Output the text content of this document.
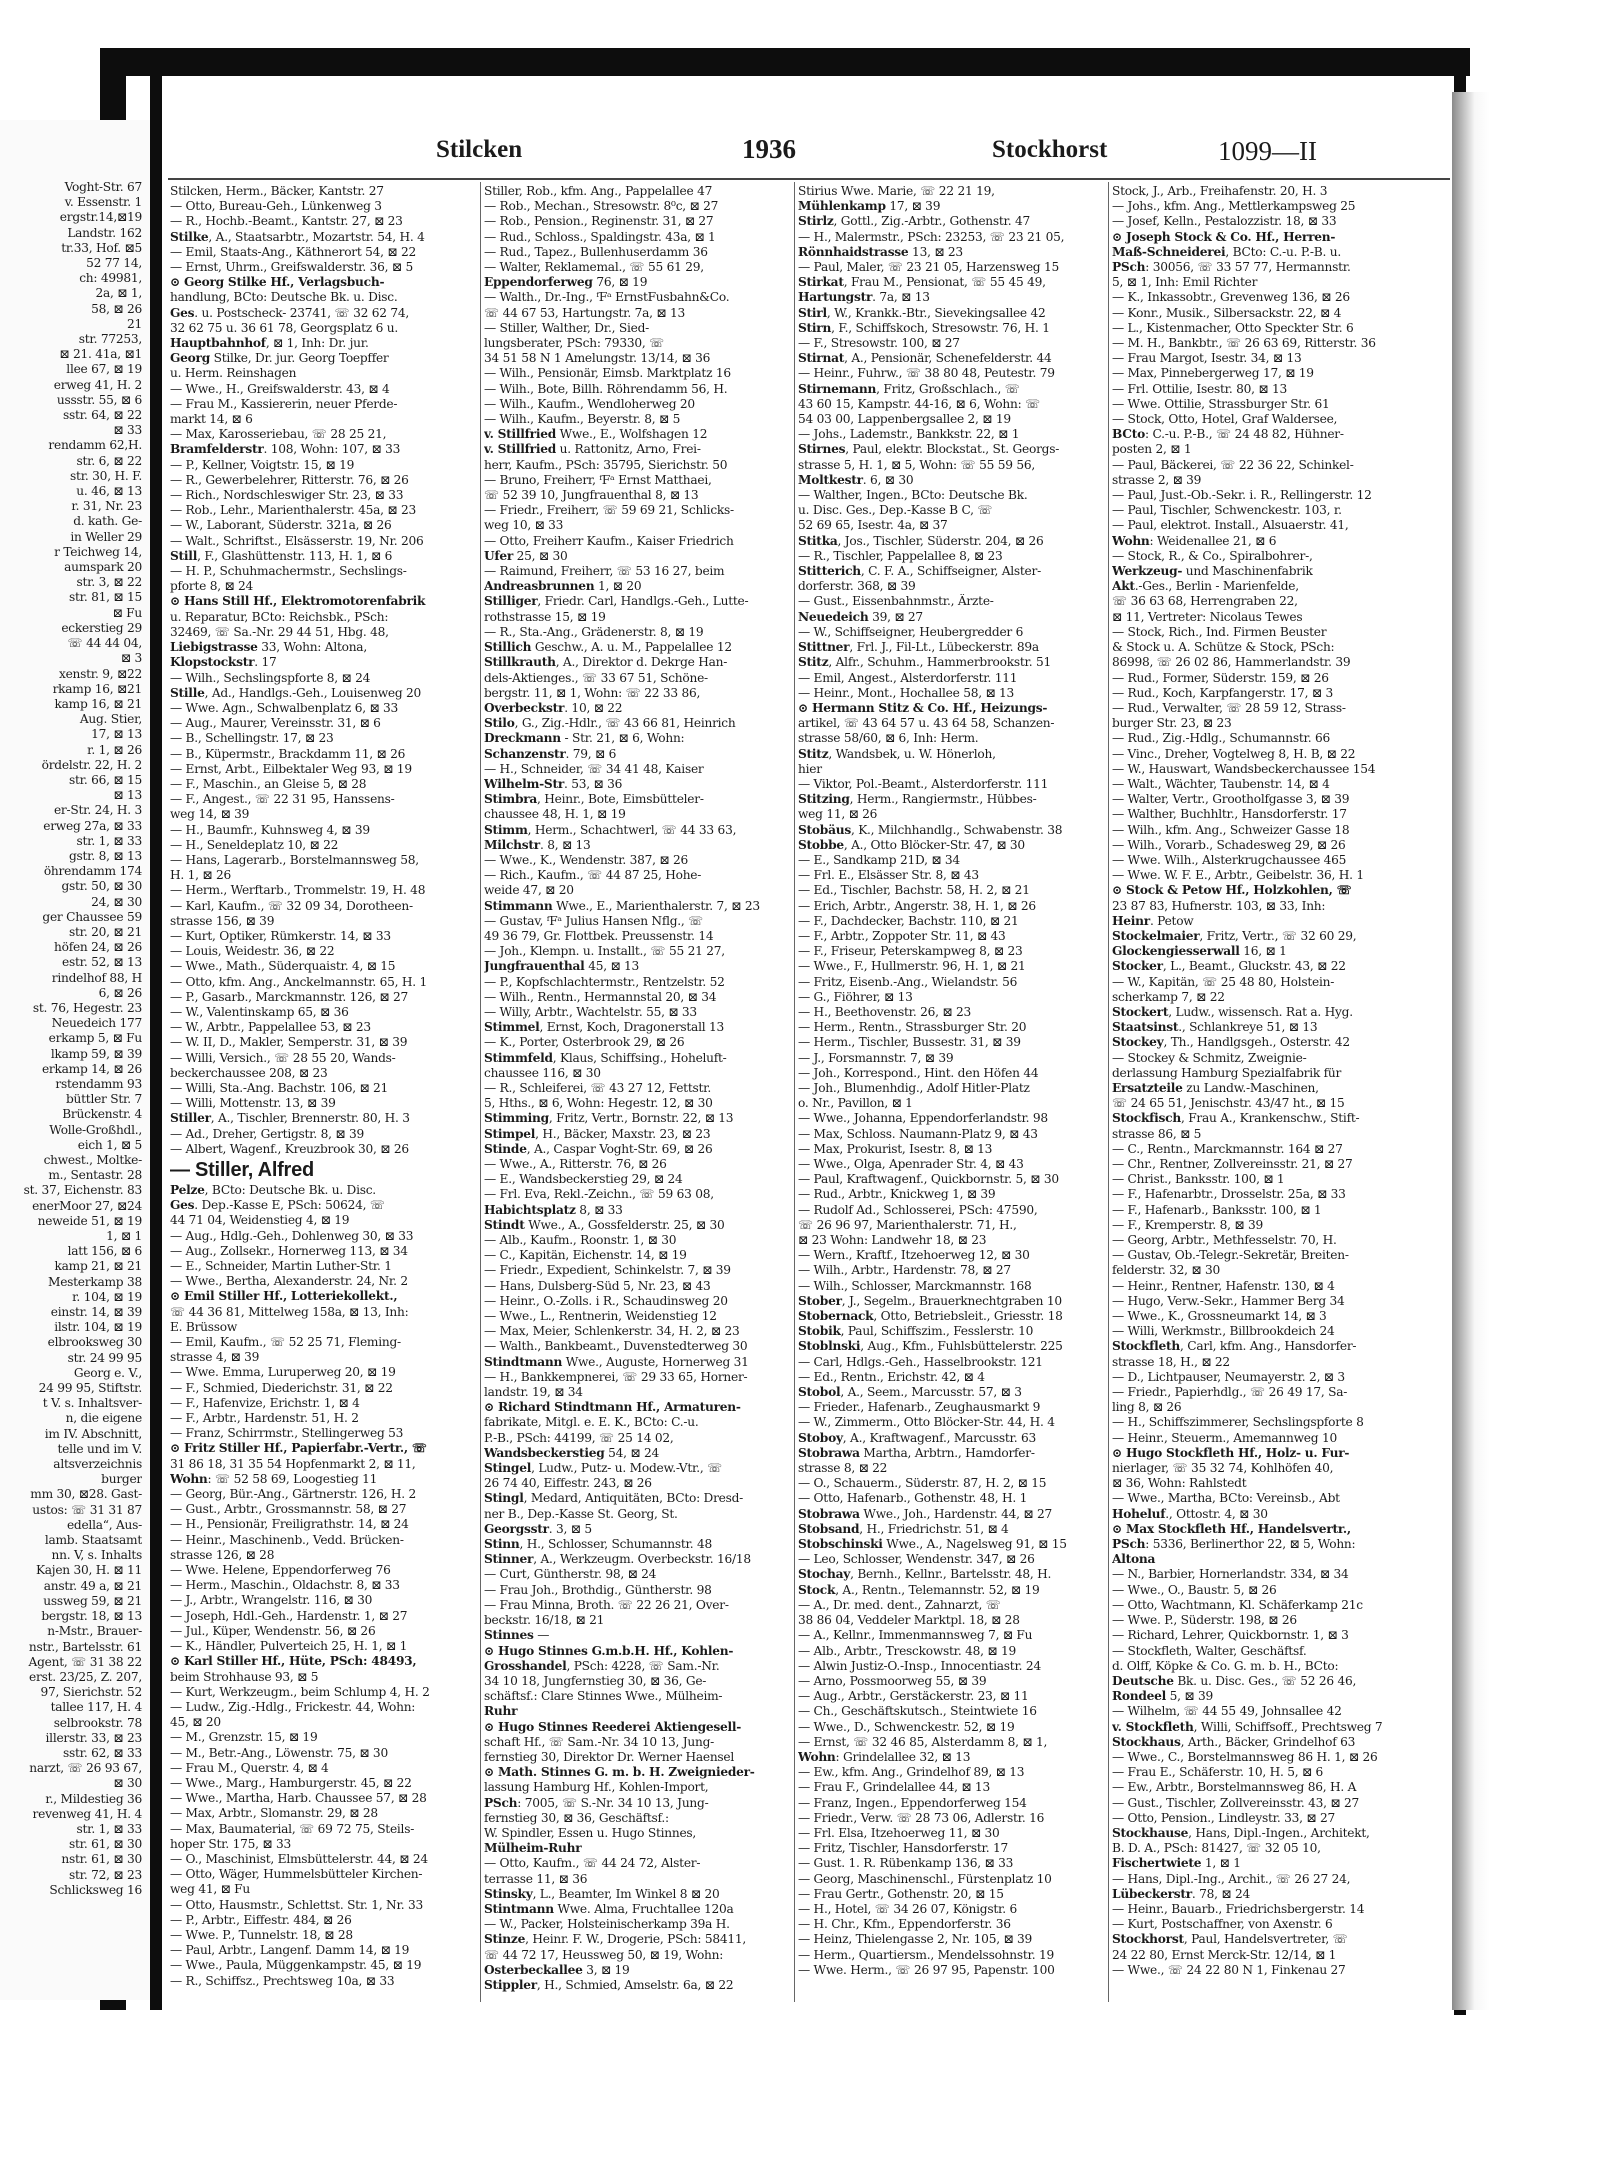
Voght-Str. 67
v. Essenstr. 1
ergstr.14,⊠19
Landstr. 162
tr.33, Hof. ⊠5
52 77 14,
ch: 49981,
2a, ⊠ 1,
58, ⊠ 26
21
str. 77253,
⊠ 21. 41a, ⊠1
llee 67, ⊠ 19
erweg 41, H. 2
ussstr. 55, ⊠ 6
sstr. 64, ⊠ 22
⊠ 33
rendamm 62,H.
str. 6, ⊠ 22
str. 30, H. F.
u. 46, ⊠ 13
r. 31, Nr. 23
d. kath. Ge-
in Weller 29
r Teichweg 14,
aumspark 20
str. 3, ⊠ 22
str. 81, ⊠ 15
⊠ Fu
eckerstieg 29
☏ 44 44 04,
⊠ 3
xenstr. 9, ⊠22
rkamp 16, ⊠21
kamp 16, ⊠ 21
Aug. Stier,
17, ⊠ 13
r. 1, ⊠ 26
ördelstr. 22, H. 2
str. 66, ⊠ 15
⊠ 13
er-Str. 24, H. 3
erweg 27a, ⊠ 33
str. 1, ⊠ 33
gstr. 8, ⊠ 13
öhrendamm 174
gstr. 50, ⊠ 30
24, ⊠ 30
ger Chaussee 59
str. 20, ⊠ 21
höfen 24, ⊠ 26
estr. 52, ⊠ 13
rindelhof 88, H
6, ⊠ 26
st. 76, Hegestr. 23
Neuedeich 177
erkamp 5, ⊠ Fu
lkamp 59, ⊠ 39
erkamp 14, ⊠ 26
rstendamm 93
büttler Str. 7
Brückenstr. 4
Wolle-Großhdl.,
eich 1, ⊠ 5
chwest., Moltke-
m., Sentastr. 28
st. 37, Eichenstr. 83
enerMoor 27, ⊠24
neweide 51, ⊠ 19
1, ⊠ 1
latt 156, ⊠ 6
kamp 21, ⊠ 21
Mesterkamp 38
r. 104, ⊠ 19
einstr. 14, ⊠ 39
ilstr. 104, ⊠ 19
elbrooksweg 30
str. 24 99 95
Georg e. V.,
24 99 95, Stiftstr.
t V. s. Inhaltsver-
n, die eigene
im IV. Abschnitt,
telle und im V.
altsverzeichnis
burger
mm 30, ⊠28. Gast-
ustos: ☏ 31 31 87
edella“, Aus-
lamb. Staatsamt
nn. V, s. Inhalts
Kajen 30, H. ⊠ 11
anstr. 49 a, ⊠ 21
ussweg 59, ⊠ 21
bergstr. 18, ⊠ 13
n-Mstr., Brauer-
nstr., Bartelsstr. 61
Agent, ☏ 31 38 22
erst. 23/25, Z. 207,
97, Sierichstr. 52
tallee 117, H. 4
selbrookstr. 78
illerstr. 33, ⊠ 23
sstr. 62, ⊠ 33
narzt, ☏ 26 93 67,
⊠ 30
r., Mildestieg 36
revenweg 41, H. 4
str. 1, ⊠ 33
str. 61, ⊠ 30
nstr. 61, ⊠ 30
str. 72, ⊠ 23
Schlicksweg 16
Stilcken	1936	Stockhorst	1099—II
Stilcken, Herm., Bäcker, Kantstr. 27
— Otto, Bureau-Geh., Lünkenweg 3
— R., Hochb.-Beamt., Kantstr. 27, ⊠ 23
Stilke, A., Staatsarbtr., Mozartstr. 54, H. 4
— Emil, Staats-Ang., Käthnerort 54, ⊠ 22
— Ernst, Uhrm., Greifswalderstr. 36, ⊠ 5
⊙ Georg Stilke Hf., Verlagsbuch-
handlung, BCto: Deutsche Bk. u. Disc.
Ges. u. Postscheck- 23741, ☏ 32 62 74,
32 62 75 u. 36 61 78, Georgsplatz 6 u.
Hauptbahnhof, ⊠ 1, Inh: Dr. jur.
Georg Stilke, Dr. jur. Georg Toepffer
u. Herm. Reinshagen
— Wwe., H., Greifswalderstr. 43, ⊠ 4
— Frau M., Kassiererin, neuer Pferde-
markt 14, ⊠ 6
— Max, Karosseriebau, ☏ 28 25 21,
Bramfelderstr. 108, Wohn: 107, ⊠ 33
— P., Kellner, Voigtstr. 15, ⊠ 19
— R., Gewerbelehrer, Ritterstr. 76, ⊠ 26
— Rich., Nordschleswiger Str. 23, ⊠ 33
— Rob., Lehr., Marienthalerstr. 45a, ⊠ 23
— W., Laborant, Süderstr. 321a, ⊠ 26
— Walt., Schriftst., Elsässerstr. 19, Nr. 206
Still, F., Glashüttenstr. 113, H. 1, ⊠ 6
— H. P., Schuhmachermstr., Sechslings-
pforte 8, ⊠ 24
⊙ Hans Still Hf., Elektromotorenfabrik
u. Reparatur, BCto: Reichsbk., PSch:
32469, ☏ Sa.-Nr. 29 44 51, Hbg. 48,
Liebigstrasse 33, Wohn: Altona,
Klopstockstr. 17
— Wilh., Sechslingspforte 8, ⊠ 24
Stille, Ad., Handlgs.-Geh., Louisenweg 20
— Wwe. Agn., Schwalbenplatz 6, ⊠ 33
— Aug., Maurer, Vereinsstr. 31, ⊠ 6
— B., Schellingstr. 17, ⊠ 23
— B., Küpermstr., Brackdamm 11, ⊠ 26
— Ernst, Arbt., Eilbektaler Weg 93, ⊠ 19
— F., Maschin., an Gleise 5, ⊠ 28
— F., Angest., ☏ 22 31 95, Hanssens-
weg 14, ⊠ 39
— H., Baumfr., Kuhnsweg 4, ⊠ 39
— H., Seneldeplatz 10, ⊠ 22
— Hans, Lagerarb., Borstelmannsweg 58,
H. 1, ⊠ 26
— Herm., Werftarb., Trommelstr. 19, H. 48
— Karl, Kaufm., ☏ 32 09 34, Dorotheen-
strasse 156, ⊠ 39
— Kurt, Optiker, Rümkerstr. 14, ⊠ 33
— Louis, Weidestr. 36, ⊠ 22
— Wwe., Math., Süderquaistr. 4, ⊠ 15
— Otto, kfm. Ang., Anckelmannstr. 65, H. 1
— P., Gasarb., Marckmannstr. 126, ⊠ 27
— W., Valentinskamp 65, ⊠ 36
— W., Arbtr., Pappelallee 53, ⊠ 23
— W. II, D., Makler, Semperstr. 31, ⊠ 39
— Willi, Versich., ☏ 28 55 20, Wands-
beckerchaussee 208, ⊠ 23
— Willi, Sta.-Ang. Bachstr. 106, ⊠ 21
— Willi, Mottenstr. 13, ⊠ 39
Stiller, A., Tischler, Brennerstr. 80, H. 3
— Ad., Dreher, Gertigstr. 8, ⊠ 39
— Albert, Wagenf., Kreuzbrook 30, ⊠ 26
— Stiller, Alfred
Pelze, BCto: Deutsche Bk. u. Disc.
Ges. Dep.-Kasse E, PSch: 50624, ☏
44 71 04, Weidenstieg 4, ⊠ 19
— Aug., Hdlg.-Geh., Dohlenweg 30, ⊠ 33
— Aug., Zollsekr., Hornerweg 113, ⊠ 34
— E., Schneider, Martin Luther-Str. 1
— Wwe., Bertha, Alexanderstr. 24, Nr. 2
⊙ Emil Stiller Hf., Lotteriekollekt.,
☏ 44 36 81, Mittelweg 158a, ⊠ 13, Inh:
E. Brüssow
— Emil, Kaufm., ☏ 52 25 71, Fleming-
strasse 4, ⊠ 39
— Wwe. Emma, Luruperweg 20, ⊠ 19
— F., Schmied, Diederichstr. 31, ⊠ 22
— F., Hafenvize, Erichstr. 1, ⊠ 4
— F., Arbtr., Hardenstr. 51, H. 2
— Franz, Schirrmstr., Stellingerweg 53
⊙ Fritz Stiller Hf., Papierfabr.-Vertr., ☏
31 86 18, 31 35 54 Hopfenmarkt 2, ⊠ 11,
Wohn: ☏ 52 58 69, Loogestieg 11
— Georg, Bür.-Ang., Gärtnerstr. 126, H. 2
— Gust., Arbtr., Grossmannstr. 58, ⊠ 27
— H., Pensionär, Freiligrathstr. 14, ⊠ 24
— Heinr., Maschinenb., Vedd. Brücken-
strasse 126, ⊠ 28
— Wwe. Helene, Eppendorferweg 76
— Herm., Maschin., Oldachstr. 8, ⊠ 33
— J., Arbtr., Wrangelstr. 116, ⊠ 30
— Joseph, Hdl.-Geh., Hardenstr. 1, ⊠ 27
— Jul., Küper, Wendenstr. 56, ⊠ 26
— K., Händler, Pulverteich 25, H. 1, ⊠ 1
⊙ Karl Stiller Hf., Hüte, PSch: 48493,
beim Strohhause 93, ⊠ 5
— Kurt, Werkzeugm., beim Schlump 4, H. 2
— Ludw., Zig.-Hdlg., Frickestr. 44, Wohn:
45, ⊠ 20
— M., Grenzstr. 15, ⊠ 19
— M., Betr.-Ang., Löwenstr. 75, ⊠ 30
— Frau M., Querstr. 4, ⊠ 4
— Wwe., Marg., Hamburgerstr. 45, ⊠ 22
— Wwe., Martha, Harb. Chaussee 57, ⊠ 28
— Max, Arbtr., Slomanstr. 29, ⊠ 28
— Max, Baumaterial, ☏ 69 72 75, Steils-
hoper Str. 175, ⊠ 33
— O., Maschinist, Elmsbüttelerstr. 44, ⊠ 24
— Otto, Wäger, Hummelsbütteler Kirchen-
weg 41, ⊠ Fu
— Otto, Hausmstr., Schlettst. Str. 1, Nr. 33
— P., Arbtr., Eiffestr. 484, ⊠ 26
— Wwe. P., Tunnelstr. 18, ⊠ 28
— Paul, Arbtr., Langenf. Damm 14, ⊠ 19
— Wwe., Paula, Müggenkampstr. 45, ⊠ 19
— R., Schiffsz., Prechtsweg 10a, ⊠ 33
Stiller, Rob., kfm. Ang., Pappelallee 47
— Rob., Mechan., Stresowstr. 8⁰c, ⊠ 27
— Rob., Pension., Reginenstr. 31, ⊠ 27
— Rud., Schloss., Spaldingstr. 43a, ⊠ 1
— Rud., Tapez., Bullenhuserdamm 36
— Walter, Reklamemal., ☏ 55 61 29,
Eppendorferweg 76, ⊠ 19
— Walth., Dr.-Ing., ᶠFᵃ ErnstFusbahn&Co.
☏ 44 67 53, Hartungstr. 7a, ⊠ 13
— Stiller, Walther, Dr., Sied-
lungsberater, PSch: 79330, ☏
34 51 58 N 1 Amelungstr. 13/14, ⊠ 36
— Wilh., Pensionär, Eimsb. Marktplatz 16
— Wilh., Bote, Billh. Röhrendamm 56, H.
— Wilh., Kaufm., Wendloherweg 20
— Wilh., Kaufm., Beyerstr. 8, ⊠ 5
v. Stillfried Wwe., E., Wolfshagen 12
v. Stillfried u. Rattonitz, Arno, Frei-
herr, Kaufm., PSch: 35795, Sierichstr. 50
— Bruno, Freiherr, ᶠFᵃ Ernst Matthaei,
☏ 52 39 10, Jungfrauenthal 8, ⊠ 13
— Friedr., Freiherr, ☏ 59 69 21, Schlicks-
weg 10, ⊠ 33
— Otto, Freiherr Kaufm., Kaiser Friedrich
Ufer 25, ⊠ 30
— Raimund, Freiherr, ☏ 53 16 27, beim
Andreasbrunnen 1, ⊠ 20
Stilliger, Friedr. Carl, Handlgs.-Geh., Lutte-
rothstrasse 15, ⊠ 19
— R., Sta.-Ang., Grädenerstr. 8, ⊠ 19
Stillich Geschw., A. u. M., Pappelallee 12
Stillkrauth, A., Direktor d. Dekrge Han-
dels-Aktienges., ☏ 33 67 51, Schöne-
bergstr. 11, ⊠ 1, Wohn: ☏ 22 33 86,
Overbeckstr. 10, ⊠ 22
Stilo, G., Zig.-Hdlr., ☏ 43 66 81, Heinrich
Dreckmann - Str. 21, ⊠ 6, Wohn:
Schanzenstr. 79, ⊠ 6
— H., Schneider, ☏ 34 41 48, Kaiser
Wilhelm-Str. 53, ⊠ 36
Stimbra, Heinr., Bote, Eimsbütteler-
chaussee 48, H. 1, ⊠ 19
Stimm, Herm., Schachtwerl, ☏ 44 33 63,
Milchstr. 8, ⊠ 13
— Wwe., K., Wendenstr. 387, ⊠ 26
— Rich., Kaufm., ☏ 44 87 25, Hohe-
weide 47, ⊠ 20
Stimmann Wwe., E., Marienthalerstr. 7, ⊠ 23
— Gustav, ᶠFᵃ Julius Hansen Nflg., ☏
49 36 79, Gr. Flottbek. Preussenstr. 14
— Joh., Klempn. u. Installt., ☏ 55 21 27,
Jungfrauenthal 45, ⊠ 13
— P., Kopfschlachtermstr., Rentzelstr. 52
— Wilh., Rentn., Hermannstal 20, ⊠ 34
— Willy, Arbtr., Wachtelstr. 55, ⊠ 33
Stimmel, Ernst, Koch, Dragonerstall 13
— K., Porter, Osterbrook 29, ⊠ 26
Stimmfeld, Klaus, Schiffsing., Hoheluft-
chaussee 116, ⊠ 30
— R., Schleiferei, ☏ 43 27 12, Fettstr.
5, Hths., ⊠ 6, Wohn: Hegestr. 12, ⊠ 30
Stimming, Fritz, Vertr., Bornstr. 22, ⊠ 13
Stimpel, H., Bäcker, Maxstr. 23, ⊠ 23
Stinde, A., Caspar Voght-Str. 69, ⊠ 26
— Wwe., A., Ritterstr. 76, ⊠ 26
— E., Wandsbeckerstieg 29, ⊠ 24
— Frl. Eva, Rekl.-Zeichn., ☏ 59 63 08,
Habichtsplatz 8, ⊠ 33
Stindt Wwe., A., Gossfelderstr. 25, ⊠ 30
— Alb., Kaufm., Roonstr. 1, ⊠ 30
— C., Kapitän, Eichenstr. 14, ⊠ 19
— Friedr., Expedient, Schinkelstr. 7, ⊠ 39
— Hans, Dulsberg-Süd 5, Nr. 23, ⊠ 43
— Heinr., O.-Zolls. i R., Schaudinsweg 20
— Wwe., L., Rentnerin, Weidenstieg 12
— Max, Meier, Schlenkerstr. 34, H. 2, ⊠ 23
— Walth., Bankbeamt., Duvenstedterweg 30
Stindtmann Wwe., Auguste, Hornerweg 31
— H., Bankkempnerei, ☏ 29 33 65, Horner-
landstr. 19, ⊠ 34
⊙ Richard Stindtmann Hf., Armaturen-
fabrikate, Mitgl. e. E. K., BCto: C.-u.
P.-B., PSch: 44199, ☏ 25 14 02,
Wandsbeckerstieg 54, ⊠ 24
Stingel, Ludw., Putz- u. Modew.-Vtr., ☏
26 74 40, Eiffestr. 243, ⊠ 26
Stingl, Medard, Antiquitäten, BCto: Dresd-
ner B., Dep.-Kasse St. Georg, St.
Georgsstr. 3, ⊠ 5
Stinn, H., Schlosser, Schumannstr. 48
Stinner, A., Werkzeugm. Overbeckstr. 16/18
— Curt, Güntherstr. 98, ⊠ 24
— Frau Joh., Brothdig., Güntherstr. 98
— Frau Minna, Broth. ☏ 22 26 21, Over-
beckstr. 16/18, ⊠ 21
Stinnes —
⊙ Hugo Stinnes G.m.b.H. Hf., Kohlen-
Grosshandel, PSch: 4228, ☏ Sam.-Nr.
34 10 18, Jungfernstieg 30, ⊠ 36, Ge-
schäftsf.: Clare Stinnes Wwe., Mülheim-
Ruhr
⊙ Hugo Stinnes Reederei Aktiengesell-
schaft Hf., ☏ Sam.-Nr. 34 10 13, Jung-
fernstieg 30, Direktor Dr. Werner Haensel
⊙ Math. Stinnes G. m. b. H. Zweignieder-
lassung Hamburg Hf., Kohlen-Import,
PSch: 7005, ☏ S.-Nr. 34 10 13, Jung-
fernstieg 30, ⊠ 36, Geschäftsf.:
W. Spindler, Essen u. Hugo Stinnes,
Mülheim-Ruhr
— Otto, Kaufm., ☏ 44 24 72, Alster-
terrasse 11, ⊠ 36
Stinsky, L., Beamter, Im Winkel 8 ⊠ 20
Stintmann Wwe. Alma, Fruchtallee 120a
— W., Packer, Holsteinischerkamp 39a H.
Stinze, Heinr. F. W., Drogerie, PSch: 58411,
☏ 44 72 17, Heussweg 50, ⊠ 19, Wohn:
Osterbeckallee 3, ⊠ 19
Stippler, H., Schmied, Amselstr. 6a, ⊠ 22
Stirius Wwe. Marie, ☏ 22 21 19,
Mühlenkamp 17, ⊠ 39
Stirlz, Gottl., Zig.-Arbtr., Gothenstr. 47
— H., Malermstr., PSch: 23253, ☏ 23 21 05,
Rönnhaidstrasse 13, ⊠ 23
— Paul, Maler, ☏ 23 21 05, Harzensweg 15
Stirkat, Frau M., Pensionat, ☏ 55 45 49,
Hartungstr. 7a, ⊠ 13
Stirl, W., Krankk.-Btr., Sievekingsallee 42
Stirn, F., Schiffskoch, Stresowstr. 76, H. 1
— F., Stresowstr. 100, ⊠ 27
Stirnat, A., Pensionär, Schenefelderstr. 44
— Heinr., Fuhrw., ☏ 38 80 48, Peutestr. 79
Stirnemann, Fritz, Großschlach., ☏
43 60 15, Kampstr. 44-16, ⊠ 6, Wohn: ☏
54 03 00, Lappenbergsallee 2, ⊠ 19
— Johs., Lademstr., Bankkstr. 22, ⊠ 1
Stirnes, Paul, elektr. Blockstat., St. Georgs-
strasse 5, H. 1, ⊠ 5, Wohn: ☏ 55 59 56,
Moltkestr. 6, ⊠ 30
— Walther, Ingen., BCto: Deutsche Bk.
u. Disc. Ges., Dep.-Kasse B C, ☏
52 69 65, Isestr. 4a, ⊠ 37
Stitka, Jos., Tischler, Süderstr. 204, ⊠ 26
— R., Tischler, Pappelallee 8, ⊠ 23
Stitterich, C. F. A., Schiffseigner, Alster-
dorferstr. 368, ⊠ 39
— Gust., Eissenbahnmstr., Ärzte-
Neuedeich 39, ⊠ 27
— W., Schiffseigner, Heubergredder 6
Stittner, Frl. J., Fil-Lt., Lübeckerstr. 89a
Stitz, Alfr., Schuhm., Hammerbrookstr. 51
— Emil, Angest., Alsterdorferstr. 111
— Heinr., Mont., Hochallee 58, ⊠ 13
⊙ Hermann Stitz & Co. Hf., Heizungs-
artikel, ☏ 43 64 57 u. 43 64 58, Schanzen-
strasse 58/60, ⊠ 6, Inh: Herm.
Stitz, Wandsbek, u. W. Hönerloh,
hier
— Viktor, Pol.-Beamt., Alsterdorferstr. 111
Stitzing, Herm., Rangiermstr., Hübbes-
weg 11, ⊠ 26
Stobäus, K., Milchhandlg., Schwabenstr. 38
Stobbe, A., Otto Blöcker-Str. 47, ⊠ 30
— E., Sandkamp 21D, ⊠ 34
— Frl. E., Elsässer Str. 8, ⊠ 43
— Ed., Tischler, Bachstr. 58, H. 2, ⊠ 21
— Erich, Arbtr., Angerstr. 38, H. 1, ⊠ 26
— F., Dachdecker, Bachstr. 110, ⊠ 21
— F., Arbtr., Zoppoter Str. 11, ⊠ 43
— F., Friseur, Peterskampweg 8, ⊠ 23
— Wwe., F., Hullmerstr. 96, H. 1, ⊠ 21
— Fritz, Eisenb.-Ang., Wielandstr. 56
— G., Fiöhrer, ⊠ 13
— H., Beethovenstr. 26, ⊠ 23
— Herm., Rentn., Strassburger Str. 20
— Herm., Tischler, Bussestr. 31, ⊠ 39
— J., Forsmannstr. 7, ⊠ 39
— Joh., Korrespond., Hint. den Höfen 44
— Joh., Blumenhdig., Adolf Hitler-Platz
o. Nr., Pavillon, ⊠ 1
— Wwe., Johanna, Eppendorferlandstr. 98
— Max, Schloss. Naumann-Platz 9, ⊠ 43
— Max, Prokurist, Isestr. 8, ⊠ 13
— Wwe., Olga, Apenrader Str. 4, ⊠ 43
— Paul, Kraftwagenf., Quickbornstr. 5, ⊠ 30
— Rud., Arbtr., Knickweg 1, ⊠ 39
— Rudolf Ad., Schlosserei, PSch: 47590,
☏ 26 96 97, Marienthalerstr. 71, H.,
⊠ 23 Wohn: Landwehr 18, ⊠ 23
— Wern., Kraftf., Itzehoerweg 12, ⊠ 30
— Wilh., Arbtr., Hardenstr. 78, ⊠ 27
— Wilh., Schlosser, Marckmannstr. 168
Stober, J., Segelm., Brauerknechtgraben 10
Stobernack, Otto, Betriebsleit., Griesstr. 18
Stobik, Paul, Schiffszim., Fesslerstr. 10
Stoblnski, Aug., Kfm., Fuhlsbüttelerstr. 225
— Carl, Hdlgs.-Geh., Hasselbrookstr. 121
— Ed., Rentn., Erichstr. 42, ⊠ 4
Stobol, A., Seem., Marcusstr. 57, ⊠ 3
— Frieder., Hafenarb., Zeughausmarkt 9
— W., Zimmerm., Otto Blöcker-Str. 44, H. 4
Stoboy, A., Kraftwagenf., Marcusstr. 63
Stobrawa Martha, Arbtrn., Hamdorfer-
strasse 8, ⊠ 22
— O., Schauerm., Süderstr. 87, H. 2, ⊠ 15
— Otto, Hafenarb., Gothenstr. 48, H. 1
Stobrawa Wwe., Joh., Hardenstr. 44, ⊠ 27
Stobsand, H., Friedrichstr. 51, ⊠ 4
Stobschinski Wwe., A., Nagelsweg 91, ⊠ 15
— Leo, Schlosser, Wendenstr. 347, ⊠ 26
Stochay, Bernh., Kellnr., Bartelsstr. 48, H.
Stock, A., Rentn., Telemannstr. 52, ⊠ 19
— A., Dr. med. dent., Zahnarzt, ☏
38 86 04, Veddeler Marktpl. 18, ⊠ 28
— A., Kellnr., Immenmannsweg 7, ⊠ Fu
— Alb., Arbtr., Tresckowstr. 48, ⊠ 19
— Alwin Justiz-O.-Insp., Innocentiastr. 24
— Arno, Possmoorweg 55, ⊠ 39
— Aug., Arbtr., Gerstäckerstr. 23, ⊠ 11
— Ch., Geschäftskutsch., Steintwiete 16
— Wwe., D., Schwenckestr. 52, ⊠ 19
— Ernst, ☏ 32 46 85, Alsterdamm 8, ⊠ 1,
Wohn: Grindelallee 32, ⊠ 13
— Ew., kfm. Ang., Grindelhof 89, ⊠ 13
— Frau F., Grindelallee 44, ⊠ 13
— Franz, Ingen., Eppendorferweg 154
— Friedr., Verw. ☏ 28 73 06, Adlerstr. 16
— Frl. Elsa, Itzehoerweg 11, ⊠ 30
— Fritz, Tischler, Hansdorferstr. 17
— Gust. 1. R. Rübenkamp 136, ⊠ 33
— Georg, Maschinenschl., Fürstenplatz 10
— Frau Gertr., Gothenstr. 20, ⊠ 15
— H., Hotel, ☏ 34 26 07, Königstr. 6
— H. Chr., Kfm., Eppendorferstr. 36
— Heinz, Thielengasse 2, Nr. 105, ⊠ 39
— Herm., Quartiersm., Mendelssohnstr. 19
— Wwe. Herm., ☏ 26 97 95, Papenstr. 100
Stock, J., Arb., Freihafenstr. 20, H. 3
— Johs., kfm. Ang., Mettlerkampsweg 25
— Josef, Kelln., Pestalozzistr. 18, ⊠ 33
⊙ Joseph Stock & Co. Hf., Herren-
Maß-Schneiderei, BCto: C.-u. P.-B. u.
PSch: 30056, ☏ 33 57 77, Hermannstr.
5, ⊠ 1, Inh: Emil Richter
— K., Inkassobtr., Grevenweg 136, ⊠ 26
— Konr., Musik., Silbersackstr. 22, ⊠ 4
— L., Kistenmacher, Otto Speckter Str. 6
— M. H., Bankbtr., ☏ 26 63 69, Ritterstr. 36
— Frau Margot, Isestr. 34, ⊠ 13
— Max, Pinnebergerweg 17, ⊠ 19
— Frl. Ottilie, Isestr. 80, ⊠ 13
— Wwe. Ottilie, Strassburger Str. 61
— Stock, Otto, Hotel, Graf Waldersee,
BCto: C.-u. P.-B., ☏ 24 48 82, Hühner-
posten 2, ⊠ 1
— Paul, Bäckerei, ☏ 22 36 22, Schinkel-
strasse 2, ⊠ 39
— Paul, Just.-Ob.-Sekr. i. R., Rellingerstr. 12
— Paul, Tischler, Schwenckestr. 103, r.
— Paul, elektrot. Install., Alsuaerstr. 41,
Wohn: Weidenallee 21, ⊠ 6
— Stock, R., & Co., Spiralbohrer-,
Werkzeug- und Maschinenfabrik
Akt.-Ges., Berlin - Marienfelde,
☏ 36 63 68, Herrengraben 22,
⊠ 11, Vertreter: Nicolaus Tewes
— Stock, Rich., Ind. Firmen Beuster
& Stock u. A. Schütze & Stock, PSch:
86998, ☏ 26 02 86, Hammerlandstr. 39
— Rud., Former, Süderstr. 159, ⊠ 26
— Rud., Koch, Karpfangerstr. 17, ⊠ 3
— Rud., Verwalter, ☏ 28 59 12, Strass-
burger Str. 23, ⊠ 23
— Rud., Zig.-Hdlg., Schumannstr. 66
— Vinc., Dreher, Vogtelweg 8, H. B, ⊠ 22
— W., Hauswart, Wandsbeckerchaussee 154
— Walt., Wächter, Taubenstr. 14, ⊠ 4
— Walter, Vertr., Grootholfgasse 3, ⊠ 39
— Walther, Buchhltr., Hansdorferstr. 17
— Wilh., kfm. Ang., Schweizer Gasse 18
— Wilh., Vorarb., Schadesweg 29, ⊠ 26
— Wwe. Wilh., Alsterkrugchaussee 465
— Wwe. W. F. E., Arbtr., Geibelstr. 36, H. 1
⊙ Stock & Petow Hf., Holzkohlen, ☏
23 87 83, Hufnerstr. 103, ⊠ 33, Inh:
Heinr. Petow
Stockelmaier, Fritz, Vertr., ☏ 32 60 29,
Glockengiesserwall 16, ⊠ 1
Stocker, L., Beamt., Gluckstr. 43, ⊠ 22
— W., Kapitän, ☏ 25 48 80, Holstein-
scherkamp 7, ⊠ 22
Stockert, Ludw., wissensch. Rat a. Hyg.
Staatsinst., Schlankreye 51, ⊠ 13
Stockey, Th., Handlgsgeh., Osterstr. 42
— Stockey & Schmitz, Zweignie-
derlassung Hamburg Spezialfabrik für
Ersatzteile zu Landw.-Maschinen,
☏ 24 65 51, Jenischstr. 43/47 ht., ⊠ 15
Stockfisch, Frau A., Krankenschw., Stift-
strasse 86, ⊠ 5
— C., Rentn., Marckmannstr. 164 ⊠ 27
— Chr., Rentner, Zollvereinsstr. 21, ⊠ 27
— Christ., Banksstr. 100, ⊠ 1
— F., Hafenarbtr., Drosselstr. 25a, ⊠ 33
— F., Hafenarb., Banksstr. 100, ⊠ 1
— F., Kremperstr. 8, ⊠ 39
— Georg, Arbtr., Methfesselstr. 70, H.
— Gustav, Ob.-Telegr.-Sekretär, Breiten-
felderstr. 32, ⊠ 30
— Heinr., Rentner, Hafenstr. 130, ⊠ 4
— Hugo, Verw.-Sekr., Hammer Berg 34
— Wwe., K., Grossneumarkt 14, ⊠ 3
— Willi, Werkmstr., Billbrookdeich 24
Stockfleth, Carl, kfm. Ang., Hansdorfer-
strasse 18, H., ⊠ 22
— D., Lichtpauser, Neumayerstr. 2, ⊠ 3
— Friedr., Papierhdlg., ☏ 26 49 17, Sa-
ling 8, ⊠ 26
— H., Schiffszimmerer, Sechslingspforte 8
— Heinr., Steuerm., Amemannweg 10
⊙ Hugo Stockfleth Hf., Holz- u. Fur-
nierlager, ☏ 35 32 74, Kohlhöfen 40,
⊠ 36, Wohn: Rahlstedt
— Wwe., Martha, BCto: Vereinsb., Abt
Hoheluf., Ottostr. 4, ⊠ 30
⊙ Max Stockfleth Hf., Handelsvertr.,
PSch: 5336, Berlinerthor 22, ⊠ 5, Wohn:
Altona
— N., Barbier, Hornerlandstr. 334, ⊠ 34
— Wwe., O., Baustr. 5, ⊠ 26
— Otto, Wachtmann, Kl. Schäferkamp 21c
— Wwe. P., Süderstr. 198, ⊠ 26
— Richard, Lehrer, Quickbornstr. 1, ⊠ 3
— Stockfleth, Walter, Geschäftsf.
d. Olff, Köpke & Co. G. m. b. H., BCto:
Deutsche Bk. u. Disc. Ges., ☏ 52 26 46,
Rondeel 5, ⊠ 39
— Wilhelm, ☏ 44 55 49, Johnsallee 42
v. Stockfleth, Willi, Schiffsoff., Prechtsweg 7
Stockhaus, Arth., Bäcker, Grindelhof 63
— Wwe., C., Borstelmannsweg 86 H. 1, ⊠ 26
— Frau E., Schäferstr. 10, H. 5, ⊠ 6
— Ew., Arbtr., Borstelmannsweg 86, H. A
— Gust., Tischler, Zollvereinsstr. 43, ⊠ 27
— Otto, Pension., Lindleystr. 33, ⊠ 27
Stockhause, Hans, Dipl.-Ingen., Architekt,
B. D. A., PSch: 81427, ☏ 32 05 10,
Fischertwiete 1, ⊠ 1
— Hans, Dipl.-Ing., Archit., ☏ 26 27 24,
Lübeckerstr. 78, ⊠ 24
— Heinr., Bauarb., Friedrichsbergerstr. 14
— Kurt, Postschaffner, von Axenstr. 6
Stockhorst, Paul, Handelsvertreter, ☏
24 22 80, Ernst Merck-Str. 12/14, ⊠ 1
— Wwe., ☏ 24 22 80 N 1, Finkenau 27
